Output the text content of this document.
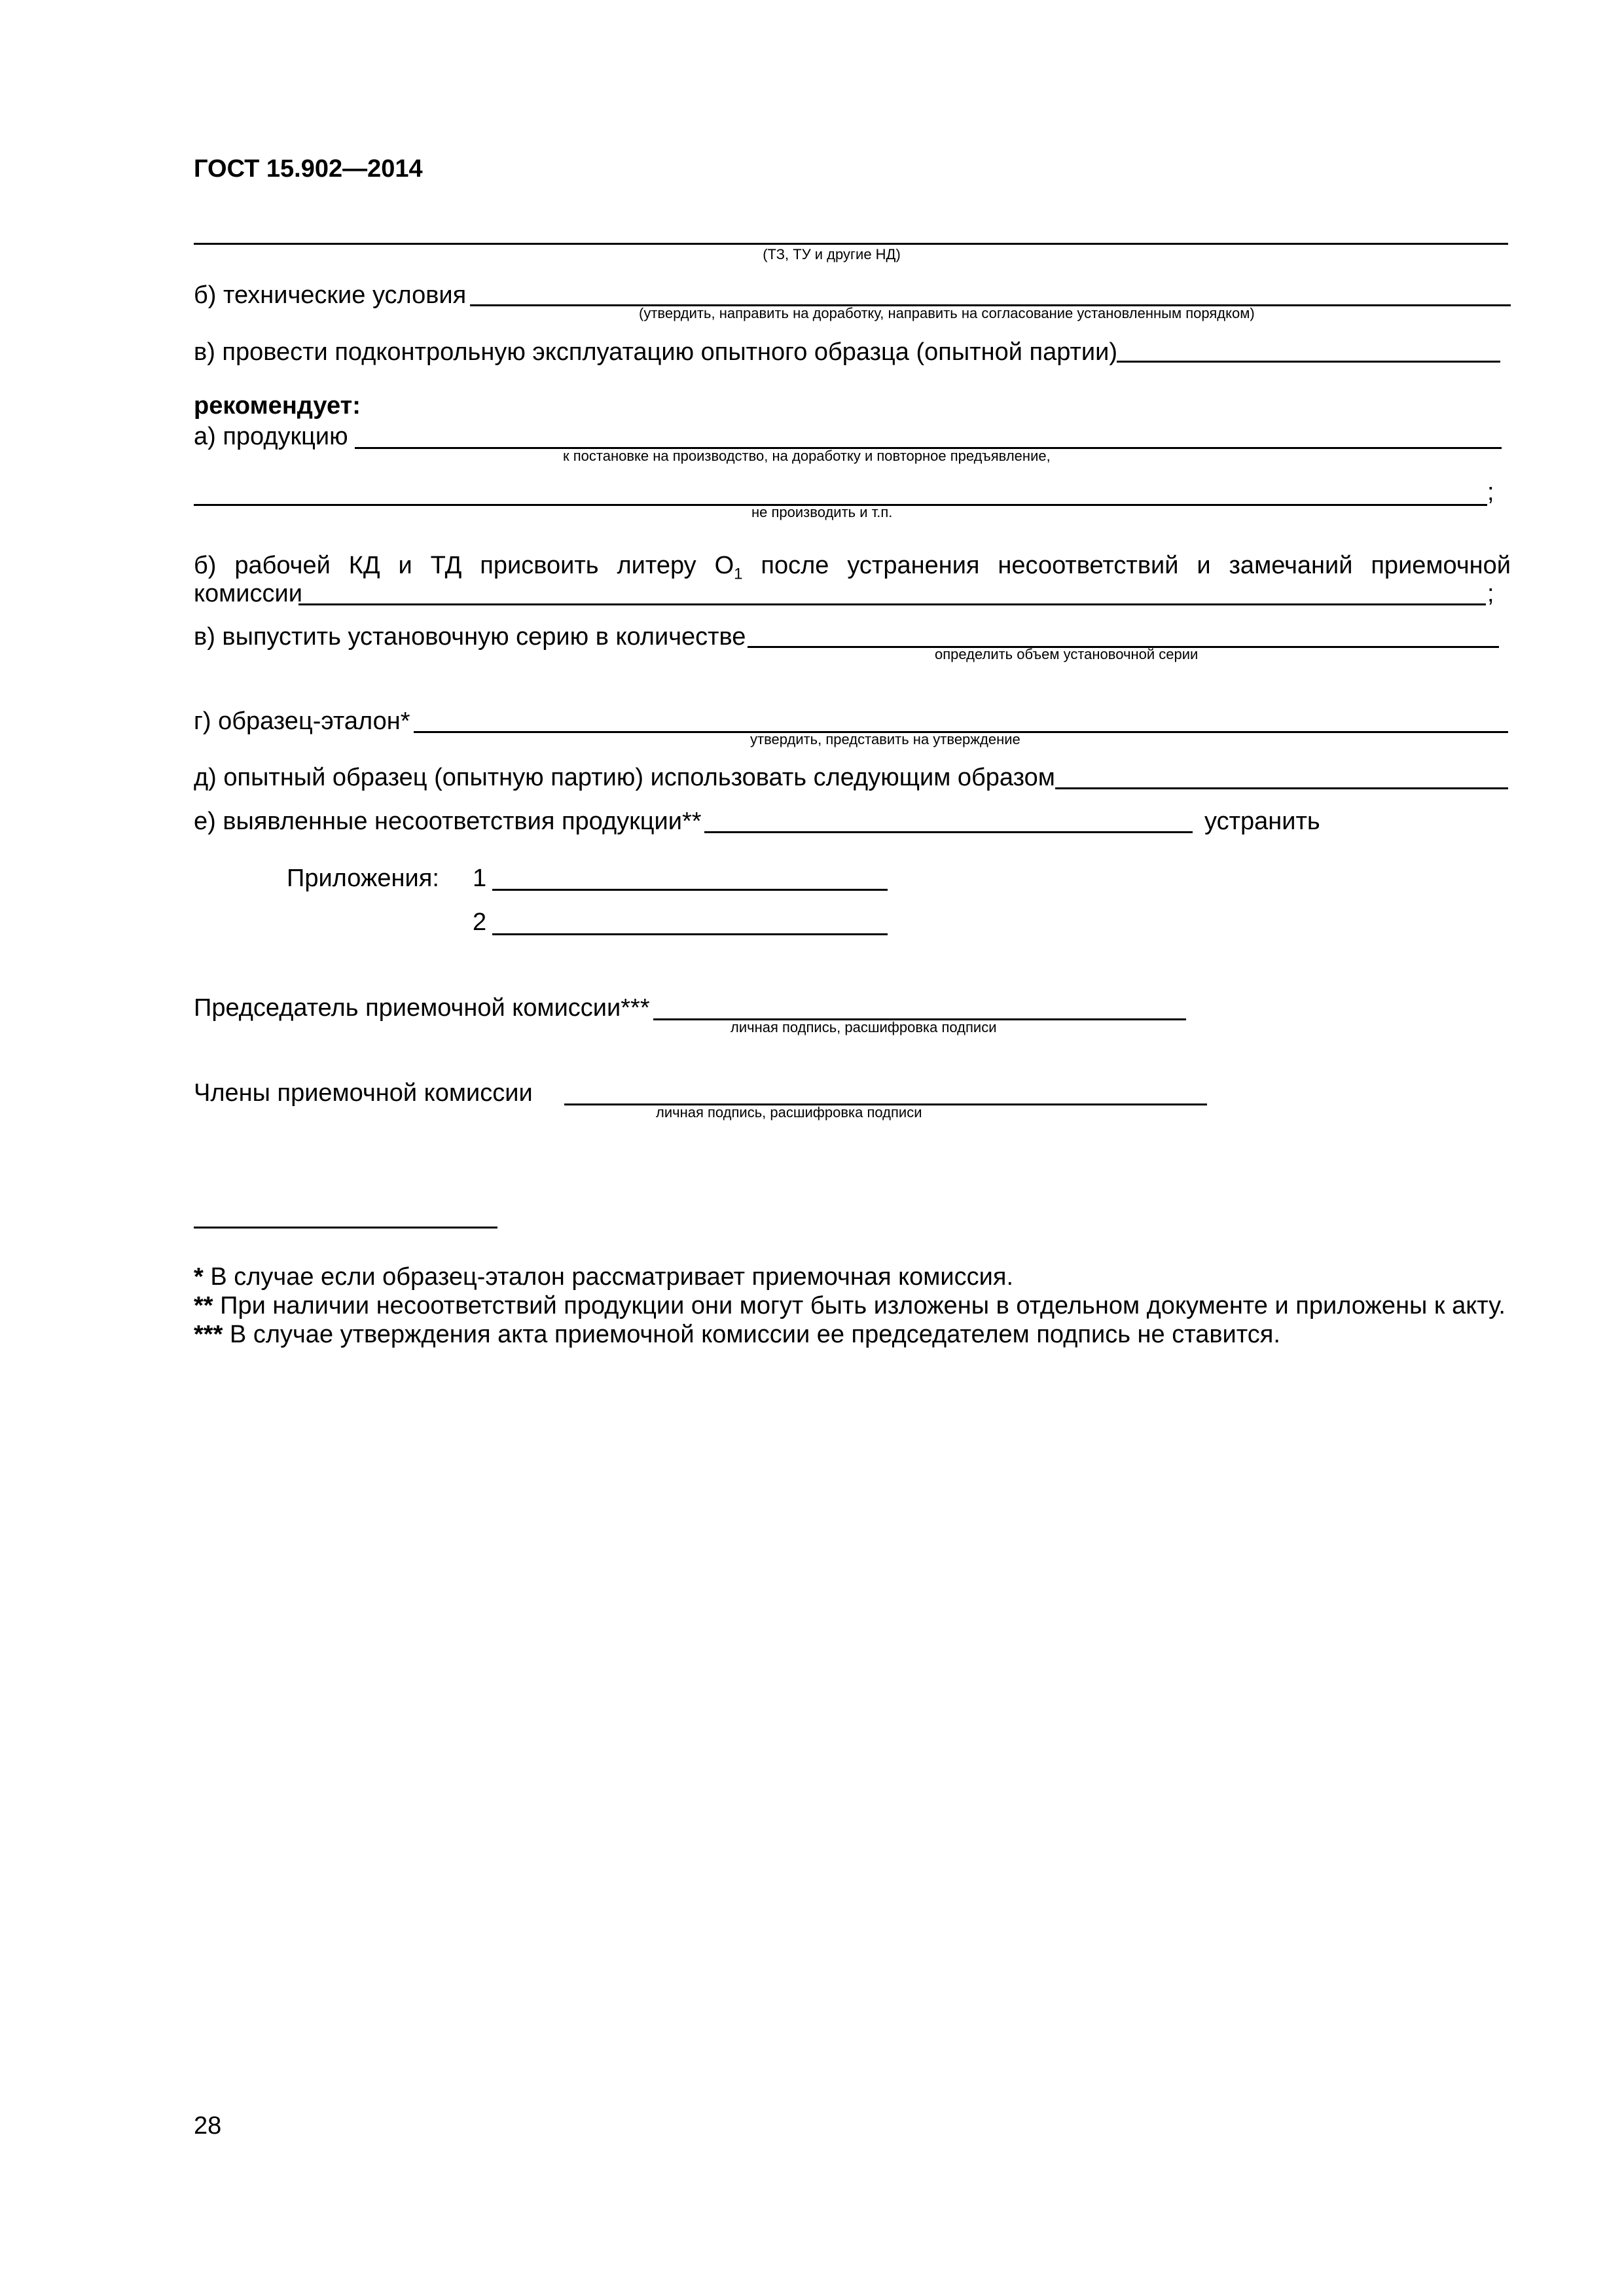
ГОСТ 15.902—2014
(ТЗ, ТУ и другие НД)
б) технические условия
(утвердить, направить на доработку, направить на согласование установленным порядком)
в) провести подконтрольную эксплуатацию опытного образца (опытной партии)
рекомендует:
а) продукцию
к постановке на производство, на доработку и повторное предъявление,
;
не производить и т.п.
б) рабочей КД и ТД присвоить литеру $О_1$ после устранения несоответствий и замечаний приемочной
комиссии	;
в) выпустить установочную серию в количестве
определить объем установочной серии
г) образец-эталон*
утвердить, представить на утверждение
д) опытный образец (опытную партию) использовать следующим образом
е) выявленные несоответствия продукции**	устранить
Приложения: 1
2
Председатель приемочной комиссии***
личная подпись, расшифровка подписи
Члены приемочной комиссии
личная подпись, расшифровка подписи
* В случае если образец-эталон рассматривает приемочная комиссия.
** При наличии несоответствий продукции они могут быть изложены в отдельном документе и приложены к акту.
*** В случае утверждения акта приемочной комиссии ее председателем подпись не ставится.
28
